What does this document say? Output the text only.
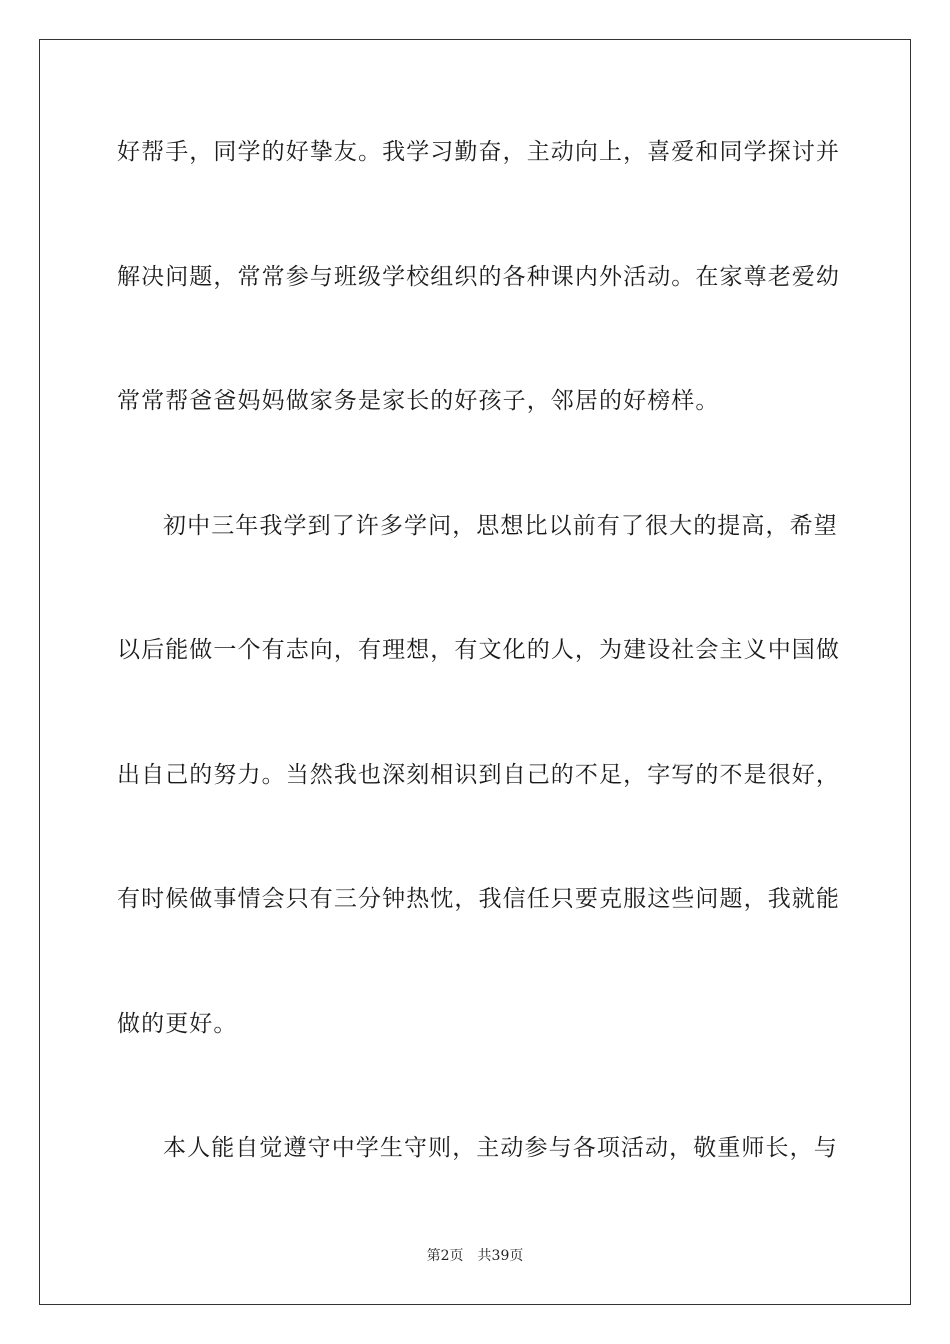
好帮手，同学的好挚友。我学习勤奋，主动向上，喜爱和同学探讨并
解决问题，常常参与班级学校组织的各种课内外活动。在家尊老爱幼
常常帮爸爸妈妈做家务是家长的好孩子，邻居的好榜样。
初中三年我学到了许多学问，思想比以前有了很大的提高，希望
以后能做一个有志向，有理想，有文化的人，为建设社会主义中国做
出自己的努力。当然我也深刻相识到自己的不足，字写的不是很好，
有时候做事情会只有三分钟热忱，我信任只要克服这些问题，我就能
做的更好。
本人能自觉遵守中学生守则，主动参与各项活动，敬重师长，与
第2页 共39页
